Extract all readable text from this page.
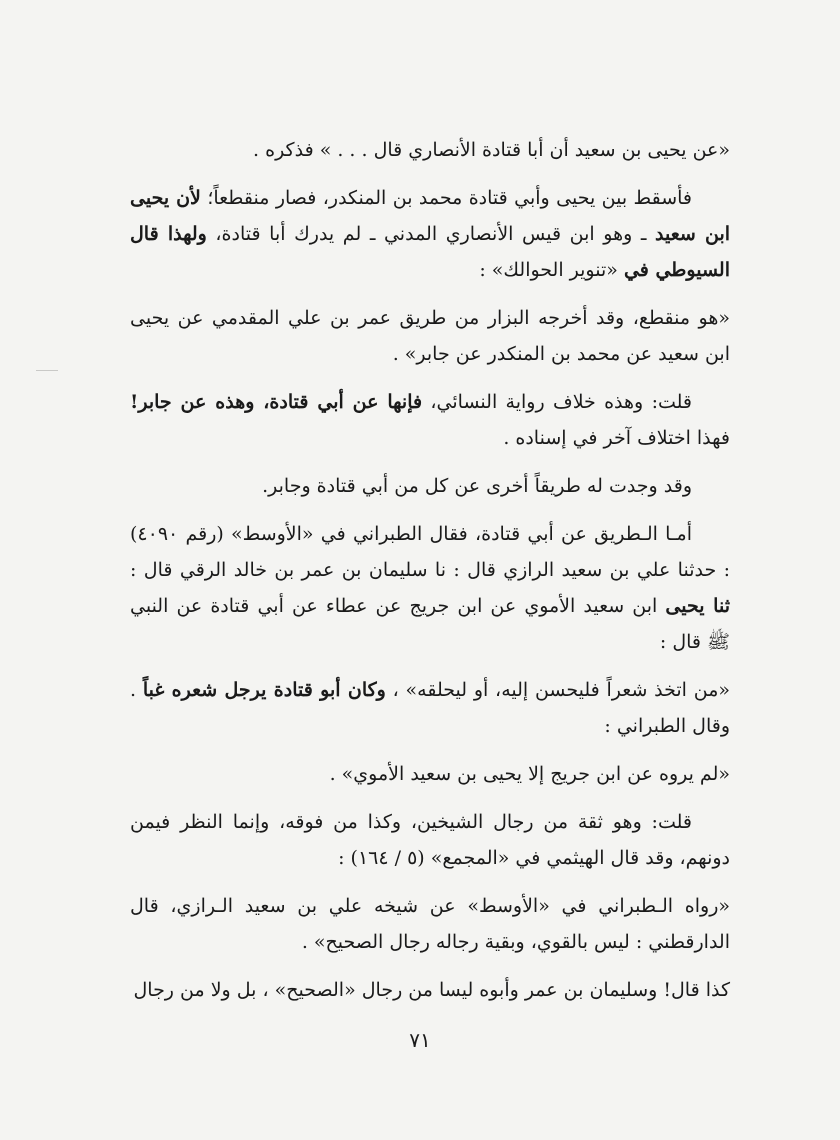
«عن يحيى بن سعيد أن أبا قتادة الأنصاري قال . . . » فذكره .

فأسقط بين يحيى وأبي قتادة محمد بن المنكدر، فصار منقطعاً؛ لأن يحيى ابن سعيد ـ وهو ابن قيس الأنصاري المدني ـ لم يدرك أبا قتادة، ولهذا قال السيوطي في «تنوير الحوالك» :

«هو منقطع، وقد أخرجه البزار من طريق عمر بن علي المقدمي عن يحيى ابن سعيد عن محمد بن المنكدر عن جابر» .

قلت: وهذه خلاف رواية النسائي، فإنها عن أبي قتادة، وهذه عن جابر! فهذا اختلاف آخر في إسناده .

وقد وجدت له طريقاً أخرى عن كل من أبي قتادة وجابر.

أمـا الـطريق عن أبي قتادة، فقال الطبراني في «الأوسط» (رقم ٤٠٩٠) : حدثنا علي بن سعيد الرازي قال : نا سليمان بن عمر بن خالد الرقي قال : ثنا يحيى ابن سعيد الأموي عن ابن جريج عن عطاء عن أبي قتادة عن النبي ﷺ قال :

«من اتخذ شعراً فليحسن إليه، أو ليحلقه» ، وكان أبو قتادة يرجل شعره غباً . وقال الطبراني :

«لم يروه عن ابن جريج إلا يحيى بن سعيد الأموي» .

قلت: وهو ثقة من رجال الشيخين، وكذا من فوقه، وإنما النظر فيمن دونهم، وقد قال الهيثمي في «المجمع» (٥ / ١٦٤) :

«رواه الـطبراني في «الأوسط» عن شيخه علي بن سعيد الـرازي، قال الدارقطني : ليس بالقوي، وبقية رجاله رجال الصحيح» .

كذا قال! وسليمان بن عمر وأبوه ليسا من رجال «الصحيح» ، بل ولا من رجال

٧١
